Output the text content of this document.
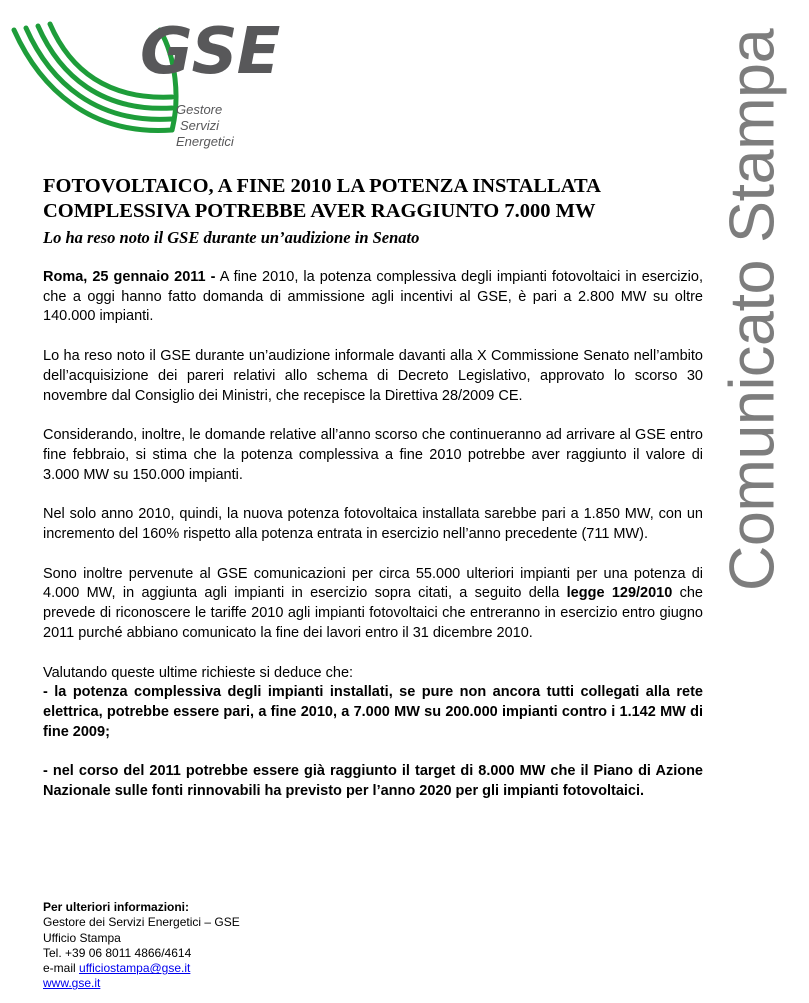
GSE
Gestore
Servizi
Energetici	Comunicato Stampa
FOTOVOLTAICO, A FINE 2010 LA POTENZA INSTALLATA
COMPLESSIVA POTREBBE AVER RAGGIUNTO 7.000 MW
Lo ha reso noto il GSE durante un’audizione in Senato

Roma, 25 gennaio 2011 - A fine 2010, la potenza complessiva degli impianti fotovoltaici in esercizio, che a oggi hanno fatto domanda di ammissione agli incentivi al GSE, è pari a 2.800 MW su oltre 140.000 impianti.

Lo ha reso noto il GSE durante un’audizione informale davanti alla X Commissione Senato nell’ambito dell’acquisizione dei pareri relativi allo schema di Decreto Legislativo, approvato lo scorso 30 novembre dal Consiglio dei Ministri, che recepisce la Direttiva 28/2009 CE.

Considerando, inoltre, le domande relative all’anno scorso che continueranno ad arrivare al GSE entro fine febbraio, si stima che la potenza complessiva a fine 2010 potrebbe aver raggiunto il valore di 3.000 MW su 150.000 impianti.

Nel solo anno 2010, quindi, la nuova potenza fotovoltaica installata sarebbe pari a 1.850 MW, con un incremento del 160% rispetto alla potenza entrata in esercizio nell’anno precedente (711 MW).

Sono inoltre pervenute al GSE comunicazioni per circa 55.000 ulteriori impianti per una potenza di 4.000 MW, in aggiunta agli impianti in esercizio sopra citati, a seguito della legge 129/2010 che prevede di riconoscere le tariffe 2010 agli impianti fotovoltaici che entreranno in esercizio entro giugno 2011 purché abbiano comunicato la fine dei lavori entro il 31 dicembre 2010.

Valutando queste ultime richieste si deduce che:

- la potenza complessiva degli impianti installati, se pure non ancora tutti collegati alla rete elettrica, potrebbe essere pari, a fine 2010, a 7.000 MW su 200.000 impianti contro i 1.142 MW di fine 2009;

- nel corso del 2011 potrebbe essere già raggiunto il target di 8.000 MW che il Piano di Azione Nazionale sulle fonti rinnovabili ha previsto per l’anno 2020 per gli impianti fotovoltaici.

Per ulteriori informazioni:
Gestore dei Servizi Energetici – GSE
Ufficio Stampa
Tel. +39 06 8011 4866/4614
e-mail ufficiostampa@gse.it
www.gse.it
